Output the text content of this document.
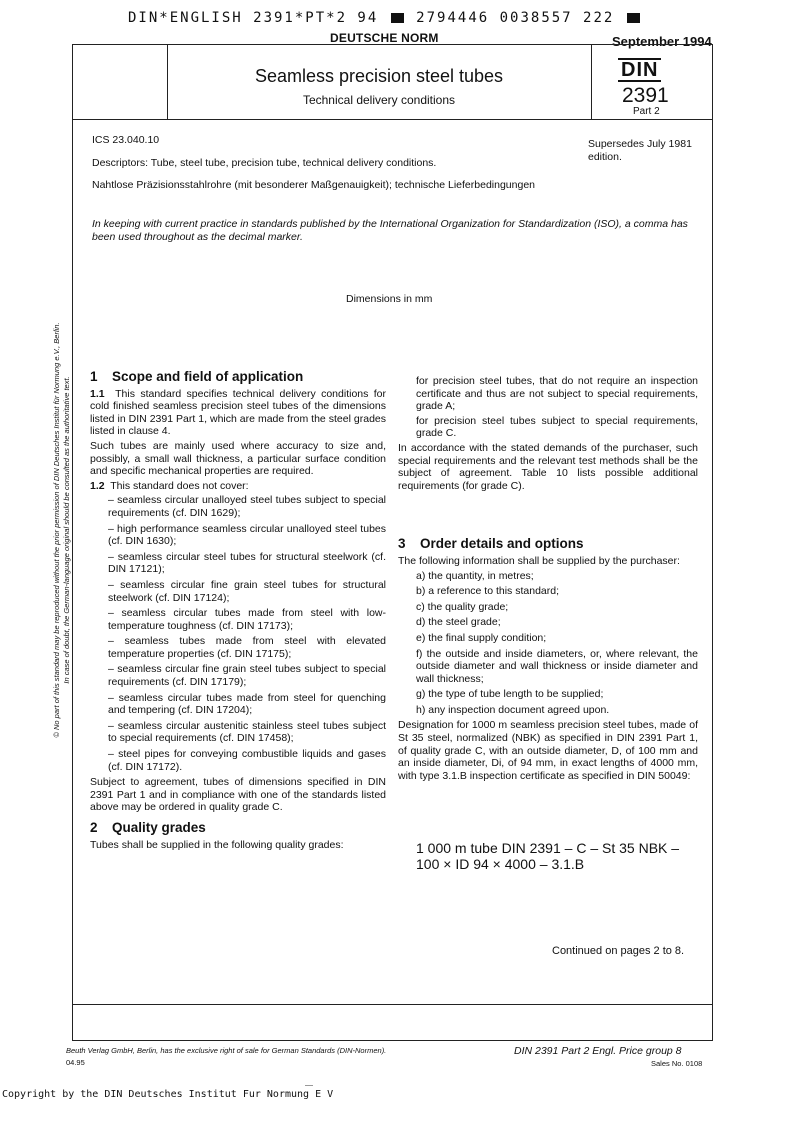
DIN*ENGLISH 2391*PT*2 94	2794446 0038557 222
DEUTSCHE NORM	September 1994
Seamless precision steel tubes
Technical delivery conditions
DIN
2391
Part 2
ICS 23.040.10	Supersedes July 1981 edition.
Descriptors: Tube, steel tube, precision tube, technical delivery conditions.
Nahtlose Präzisionsstahlrohre (mit besonderer Maßgenauigkeit); technische Lieferbedingungen
In keeping with current practice in standards published by the International Organization for Standardization (ISO), a comma has been used throughout as the decimal marker.
Dimensions in mm
© No part of this standard may be reproduced without the prior permission of DIN Deutsches Institut für Normung e.V., Berlin. In case of doubt, the German-language original should be consulted as the authoritative text. 1 Scope and field of application

1.1 This standard specifies technical delivery conditions for cold finished seamless precision steel tubes of the dimensions listed in DIN 2391 Part 1, which are made from the steel grades listed in clause 4.

Such tubes are mainly used where accuracy to size and, possibly, a small wall thickness, a particular surface condition and specific mechanical properties are required.

1.2 This standard does not cover:

– seamless circular unalloyed steel tubes subject to special requirements (cf. DIN 1629);

– high performance seamless circular unalloyed steel tubes (cf. DIN 1630);

– seamless circular steel tubes for structural steelwork (cf. DIN 17121);

– seamless circular fine grain steel tubes for structural steelwork (cf. DIN 17124);

– seamless circular tubes made from steel with low-temperature toughness (cf. DIN 17173);

– seamless tubes made from steel with elevated temperature properties (cf. DIN 17175);

– seamless circular fine grain steel tubes subject to special requirements (cf. DIN 17179);

– seamless circular tubes made from steel for quenching and tempering (cf. DIN 17204);

– seamless circular austenitic stainless steel tubes subject to special requirements (cf. DIN 17458);

– steel pipes for conveying combustible liquids and gases (cf. DIN 17172).

Subject to agreement, tubes of dimensions specified in DIN 2391 Part 1 and in compliance with one of the standards listed above may be ordered in quality grade C.

2 Quality grades

Tubes shall be supplied in the following quality grades:

for precision steel tubes, that do not require an inspection certificate and thus are not subject to special requirements, grade A;

for precision steel tubes subject to special requirements, grade C.

In accordance with the stated demands of the purchaser, such special requirements and the relevant test methods shall be the subject of agreement. Table 10 lists possible additional requirements (for grade C).

3 Order details and options

The following information shall be supplied by the purchaser:

a) the quantity, in metres;

b) a reference to this standard;

c) the quality grade;

d) the steel grade;

e) the final supply condition;

f) the outside and inside diameters, or, where relevant, the outside diameter and wall thickness or inside diameter and wall thickness;

g) the type of tube length to be supplied;

h) any inspection document agreed upon.

Designation for 1000 m seamless precision steel tubes, made of St 35 steel, normalized (NBK) as specified in DIN 2391 Part 1, of quality grade C, with an outside diameter, D, of 100 mm and an inside diameter, Di, of 94 mm, in exact lengths of 4000 mm, with type 3.1.B inspection certificate as specified in DIN 50049:

1 000 m tube DIN 2391 – C – St 35 NBK –
100 × ID 94 × 4000 – 3.1.B
Continued on pages 2 to 8.
Beuth Verlag GmbH, Berlin, has the exclusive right of sale for German Standards (DIN-Normen).
04.95
DIN 2391 Part 2 Engl. Price group 8
Sales No. 0108
Copyright by the DIN Deutsches Institut Fur Normung E V
